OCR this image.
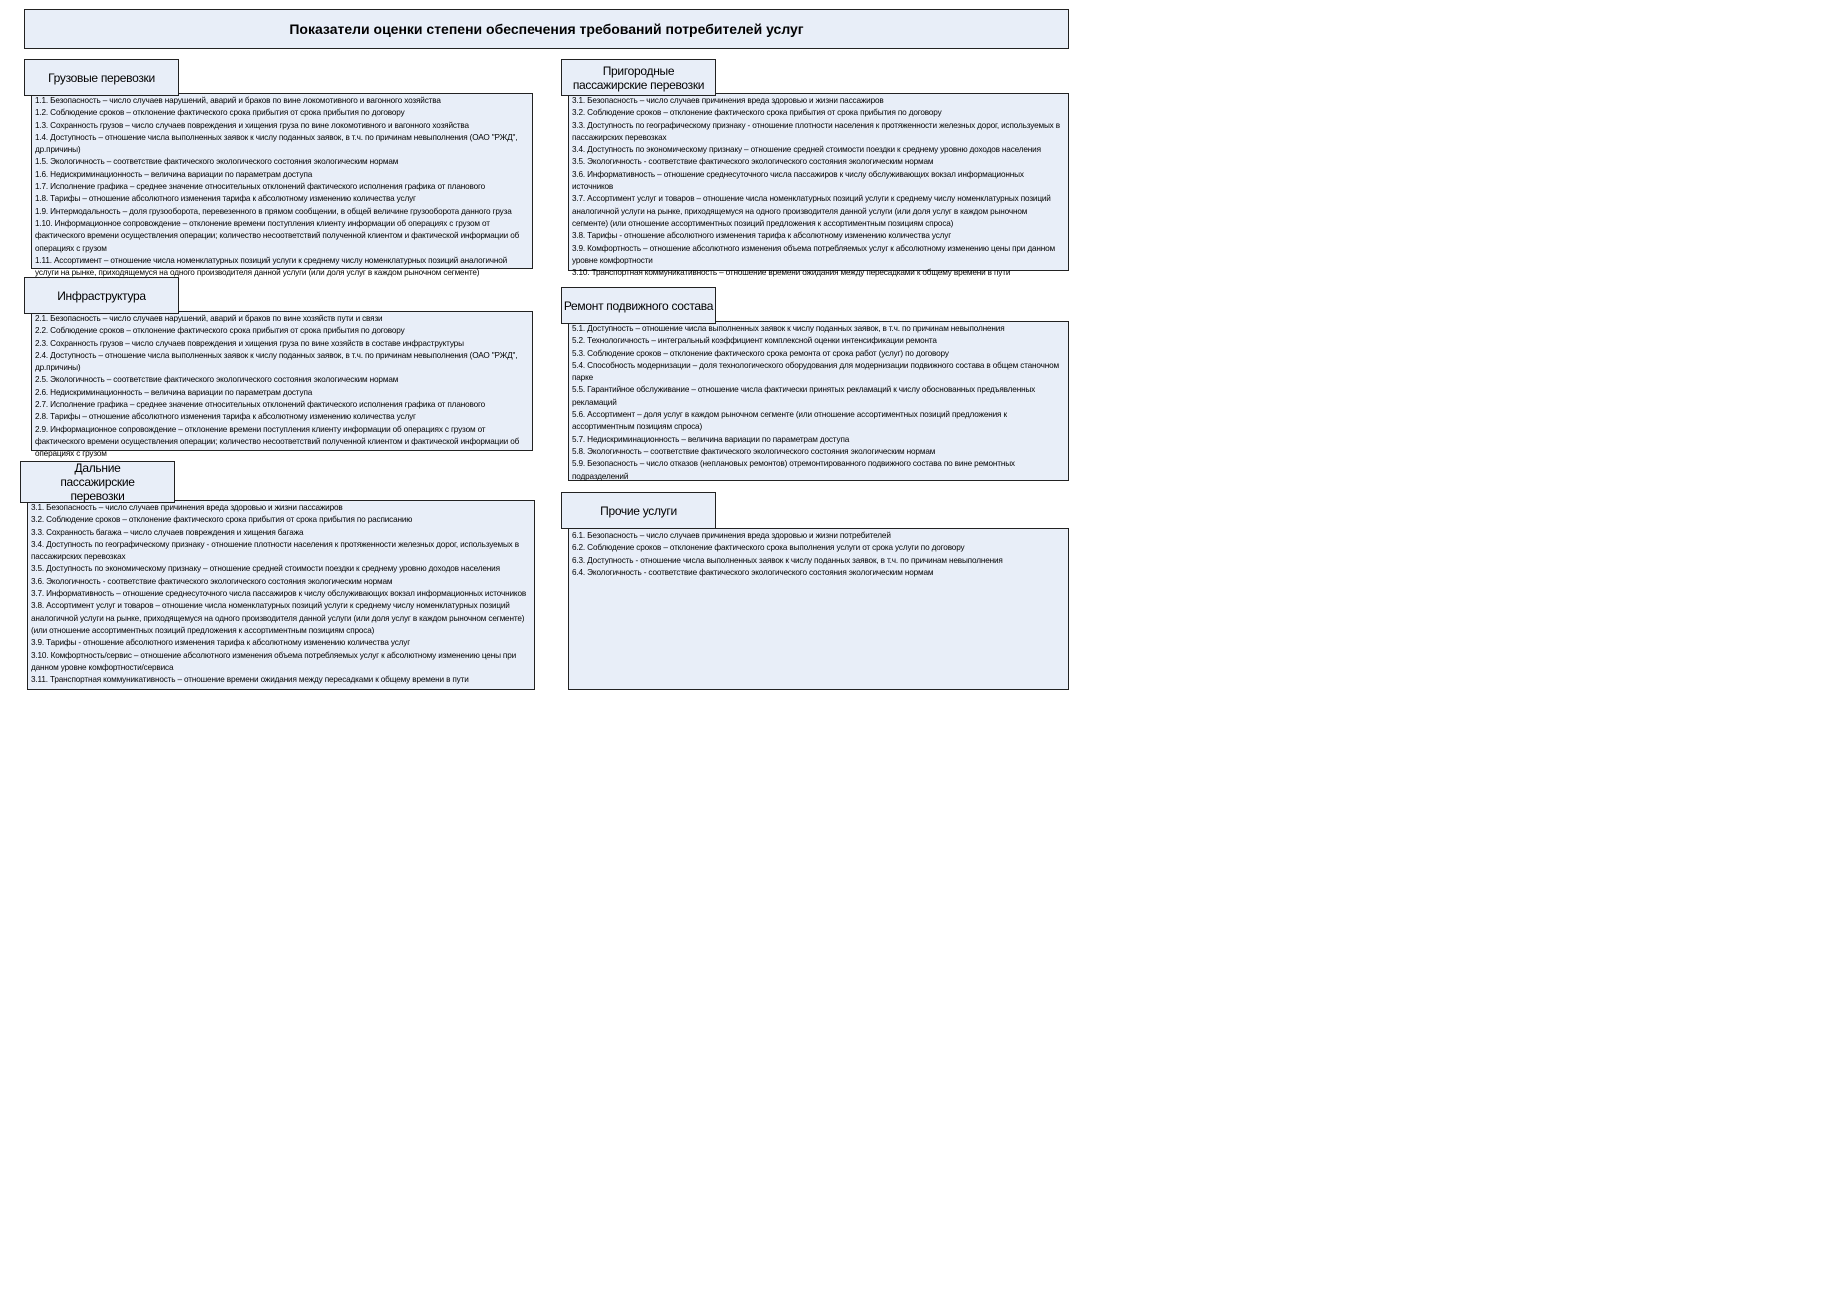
Показатели оценки степени обеспечения требований потребителей услуг
Грузовые перевозки
1.1. Безопасность – число случаев нарушений, аварий и браков по вине локомотивного и вагонного хозяйства
1.2. Соблюдение сроков – отклонение фактического срока прибытия от срока прибытия по договору
1.3. Сохранность грузов – число случаев повреждения и хищения груза по вине локомотивного и вагонного хозяйства
1.4. Доступность – отношение числа выполненных заявок к числу поданных заявок, в т.ч. по причинам невыполнения (ОАО "РЖД", др.причины)
1.5. Экологичность – соответствие фактического экологического состояния экологическим нормам
1.6. Недискриминационность – величина вариации по параметрам доступа
1.7. Исполнение графика – среднее значение относительных отклонений фактического исполнения графика от планового
1.8. Тарифы – отношение абсолютного изменения тарифа к абсолютному изменению количества услуг
1.9. Интермодальность – доля грузооборота, перевезенного в прямом сообщении, в общей величине грузооборота данного груза
1.10. Информационное сопровождение – отклонение времени поступления клиенту информации об операциях с грузом от фактического времени осуществления операции; количество несоответствий полученной клиентом и фактической информации об операциях с грузом
1.11. Ассортимент – отношение числа номенклатурных позиций услуги к среднему числу номенклатурных позиций аналогичной услуги на рынке, приходящемуся на одного производителя данной услуги (или доля услуг в каждом рыночном сегменте)
Инфраструктура
2.1. Безопасность – число случаев нарушений, аварий и браков по вине хозяйств пути и связи
2.2. Соблюдение сроков – отклонение фактического срока прибытия от срока прибытия по договору
2.3. Сохранность грузов – число случаев повреждения и хищения груза по вине хозяйств в составе инфраструктуры
2.4. Доступность – отношение числа выполненных заявок к числу поданных заявок, в т.ч. по причинам невыполнения (ОАО "РЖД", др.причины)
2.5. Экологичность – соответствие фактического экологического состояния экологическим нормам
2.6. Недискриминационность – величина вариации по параметрам доступа
2.7. Исполнение графика – среднее значение относительных отклонений фактического исполнения графика от планового
2.8. Тарифы – отношение абсолютного изменения тарифа к абсолютному изменению количества услуг
2.9. Информационное сопровождение – отклонение времени поступления клиенту информации об операциях с грузом от фактического времени осуществления операции; количество несоответствий полученной клиентом и фактической информации об операциях с грузом
Дальние пассажирские перевозки
3.1. Безопасность – число случаев причинения вреда здоровью и жизни пассажиров
3.2. Соблюдение сроков – отклонение фактического срока прибытия от срока прибытия по расписанию
3.3. Сохранность багажа – число случаев повреждения и хищения багажа
3.4. Доступность по географическому признаку - отношение плотности населения к протяженности железных дорог, используемых в пассажирских перевозках
3.5. Доступность по экономическому признаку – отношение средней стоимости поездки к среднему уровню доходов населения
3.6. Экологичность - соответствие фактического экологического состояния экологическим нормам
3.7. Информативность – отношение среднесуточного числа пассажиров к числу обслуживающих вокзал информационных источников
3.8. Ассортимент услуг и товаров – отношение числа номенклатурных позиций услуги к среднему числу номенклатурных позиций аналогичной услуги на рынке, приходящемуся на одного производителя данной услуги (или доля услуг в каждом рыночном сегменте) (или отношение ассортиментных позиций предложения к ассортиментным позициям спроса)
3.9. Тарифы - отношение абсолютного изменения тарифа к абсолютному изменению количества услуг
3.10. Комфортность/сервис – отношение абсолютного изменения объема потребляемых услуг к абсолютному изменению цены при данном уровне комфортности/сервиса
3.11. Транспортная коммуникативность – отношение времени ожидания между пересадками к общему времени в пути
Пригородные пассажирские перевозки
3.1. Безопасность – число случаев причинения вреда здоровью и жизни пассажиров
3.2. Соблюдение сроков – отклонение фактического срока прибытия от срока прибытия по договору
3.3. Доступность по географическому признаку - отношение плотности населения к протяженности железных дорог, используемых в пассажирских перевозках
3.4. Доступность по экономическому признаку – отношение средней стоимости поездки к среднему уровню доходов населения
3.5. Экологичность - соответствие фактического экологического состояния экологическим нормам
3.6. Информативность – отношение среднесуточного числа пассажиров к числу обслуживающих вокзал информационных источников
3.7. Ассортимент услуг и товаров – отношение числа номенклатурных позиций услуги к среднему числу номенклатурных позиций аналогичной услуги на рынке, приходящемуся на одного производителя данной услуги (или доля услуг в каждом рыночном сегменте) (или отношение ассортиментных позиций предложения к ассортиментным позициям спроса)
3.8. Тарифы - отношение абсолютного изменения тарифа к абсолютному изменению количества услуг
3.9. Комфортность – отношение абсолютного изменения объема потребляемых услуг к абсолютному изменению цены при данном уровне комфортности
3.10. Транспортная коммуникативность – отношение времени ожидания между пересадками к общему времени в пути
Ремонт подвижного состава
5.1. Доступность – отношение числа выполненных заявок к числу поданных заявок, в т.ч. по причинам невыполнения
5.2. Технологичность – интегральный коэффициент комплексной оценки интенсификации ремонта
5.3. Соблюдение сроков – отклонение фактического срока ремонта от срока работ (услуг) по договору
5.4. Способность модернизации – доля технологического оборудования для модернизации подвижного состава в общем станочном парке
5.5. Гарантийное обслуживание – отношение числа фактически принятых рекламаций к числу обоснованных предъявленных рекламаций
5.6. Ассортимент – доля услуг в каждом рыночном сегменте (или отношение ассортиментных позиций предложения к ассортиментным позициям спроса)
5.7. Недискриминационность – величина вариации по параметрам доступа
5.8. Экологичность – соответствие фактического экологического состояния экологическим нормам
5.9. Безопасность – число отказов (неплановых ремонтов) отремонтированного подвижного состава по вине ремонтных подразделений
Прочие услуги
6.1. Безопасность – число случаев причинения вреда здоровью и жизни потребителей
6.2. Соблюдение сроков – отклонение фактического срока выполнения услуги от срока услуги по договору
6.3. Доступность - отношение числа выполненных заявок к числу поданных заявок, в т.ч. по причинам невыполнения
6.4. Экологичность - соответствие фактического экологического состояния экологическим нормам
